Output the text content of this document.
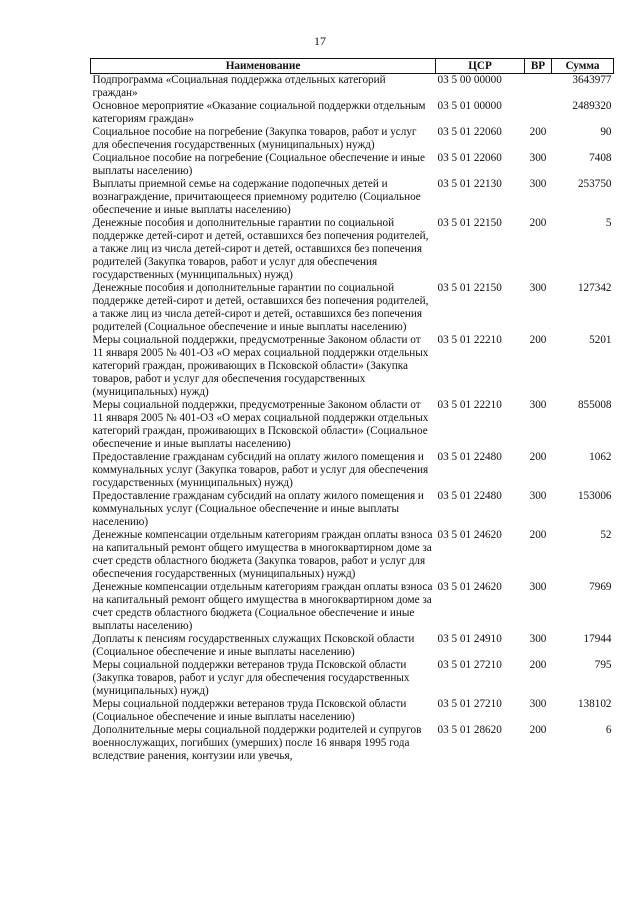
17
Наименование	ЦСР	ВР	Сумма
Подпрограмма «Социальная поддержка отдельных категорий граждан»	03 5 00 00000		3643977
Основное мероприятие «Оказание социальной поддержки отдельным категориям граждан»	03 5 01 00000		2489320
Социальное пособие на погребение (Закупка товаров, работ и услуг для обеспечения государственных (муниципальных) нужд)	03 5 01 22060	200	90
Социальное пособие на погребение (Социальное обеспечение и иные выплаты населению)	03 5 01 22060	300	7408
Выплаты приемной семье на содержание подопечных детей и вознаграждение, причитающееся приемному родителю (Социальное обеспечение и иные выплаты населению)	03 5 01 22130	300	253750
Денежные пособия и дополнительные гарантии по социальной поддержке детей-сирот и детей, оставшихся без попечения родителей, а также лиц из числа детей-сирот и детей, оставшихся без попечения родителей (Закупка товаров, работ и услуг для обеспечения государственных (муниципальных) нужд)	03 5 01 22150	200	5
Денежные пособия и дополнительные гарантии по социальной поддержке детей-сирот и детей, оставшихся без попечения родителей, а также лиц из числа детей-сирот и детей, оставшихся без попечения родителей (Социальное обеспечение и иные выплаты населению)	03 5 01 22150	300	127342
Меры социальной поддержки, предусмотренные Законом области от 11 января 2005 № 401-ОЗ «О мерах социальной поддержки отдельных категорий граждан, проживающих в Псковской области» (Закупка товаров, работ и услуг для обеспечения государственных (муниципальных) нужд)	03 5 01 22210	200	5201
Меры социальной поддержки, предусмотренные Законом области от 11 января 2005 № 401-ОЗ «О мерах социальной поддержки отдельных категорий граждан, проживающих в Псковской области» (Социальное обеспечение и иные выплаты населению)	03 5 01 22210	300	855008
Предоставление гражданам субсидий на оплату жилого помещения и коммунальных услуг (Закупка товаров, работ и услуг для обеспечения государственных (муниципальных) нужд)	03 5 01 22480	200	1062
Предоставление гражданам субсидий на оплату жилого помещения и коммунальных услуг (Социальное обеспечение и иные выплаты населению)	03 5 01 22480	300	153006
Денежные компенсации отдельным категориям граждан оплаты взноса на капитальный ремонт общего имущества в многоквартирном доме за счет средств областного бюджета (Закупка товаров, работ и услуг для обеспечения государственных (муниципальных) нужд)	03 5 01 24620	200	52
Денежные компенсации отдельным категориям граждан оплаты взноса на капитальный ремонт общего имущества в многоквартирном доме за счет средств областного бюджета (Социальное обеспечение и иные выплаты населению)	03 5 01 24620	300	7969
Доплаты к пенсиям государственных служащих Псковской области (Социальное обеспечение и иные выплаты населению)	03 5 01 24910	300	17944
Меры социальной поддержки ветеранов труда Псковской области (Закупка товаров, работ и услуг для обеспечения государственных (муниципальных) нужд)	03 5 01 27210	200	795
Меры социальной поддержки ветеранов труда Псковской области (Социальное обеспечение и иные выплаты населению)	03 5 01 27210	300	138102
Дополнительные меры социальной поддержки родителей и супругов военнослужащих, погибших (умерших) после 16 января 1995 года вследствие ранения, контузии или увечья,	03 5 01 28620	200	6
